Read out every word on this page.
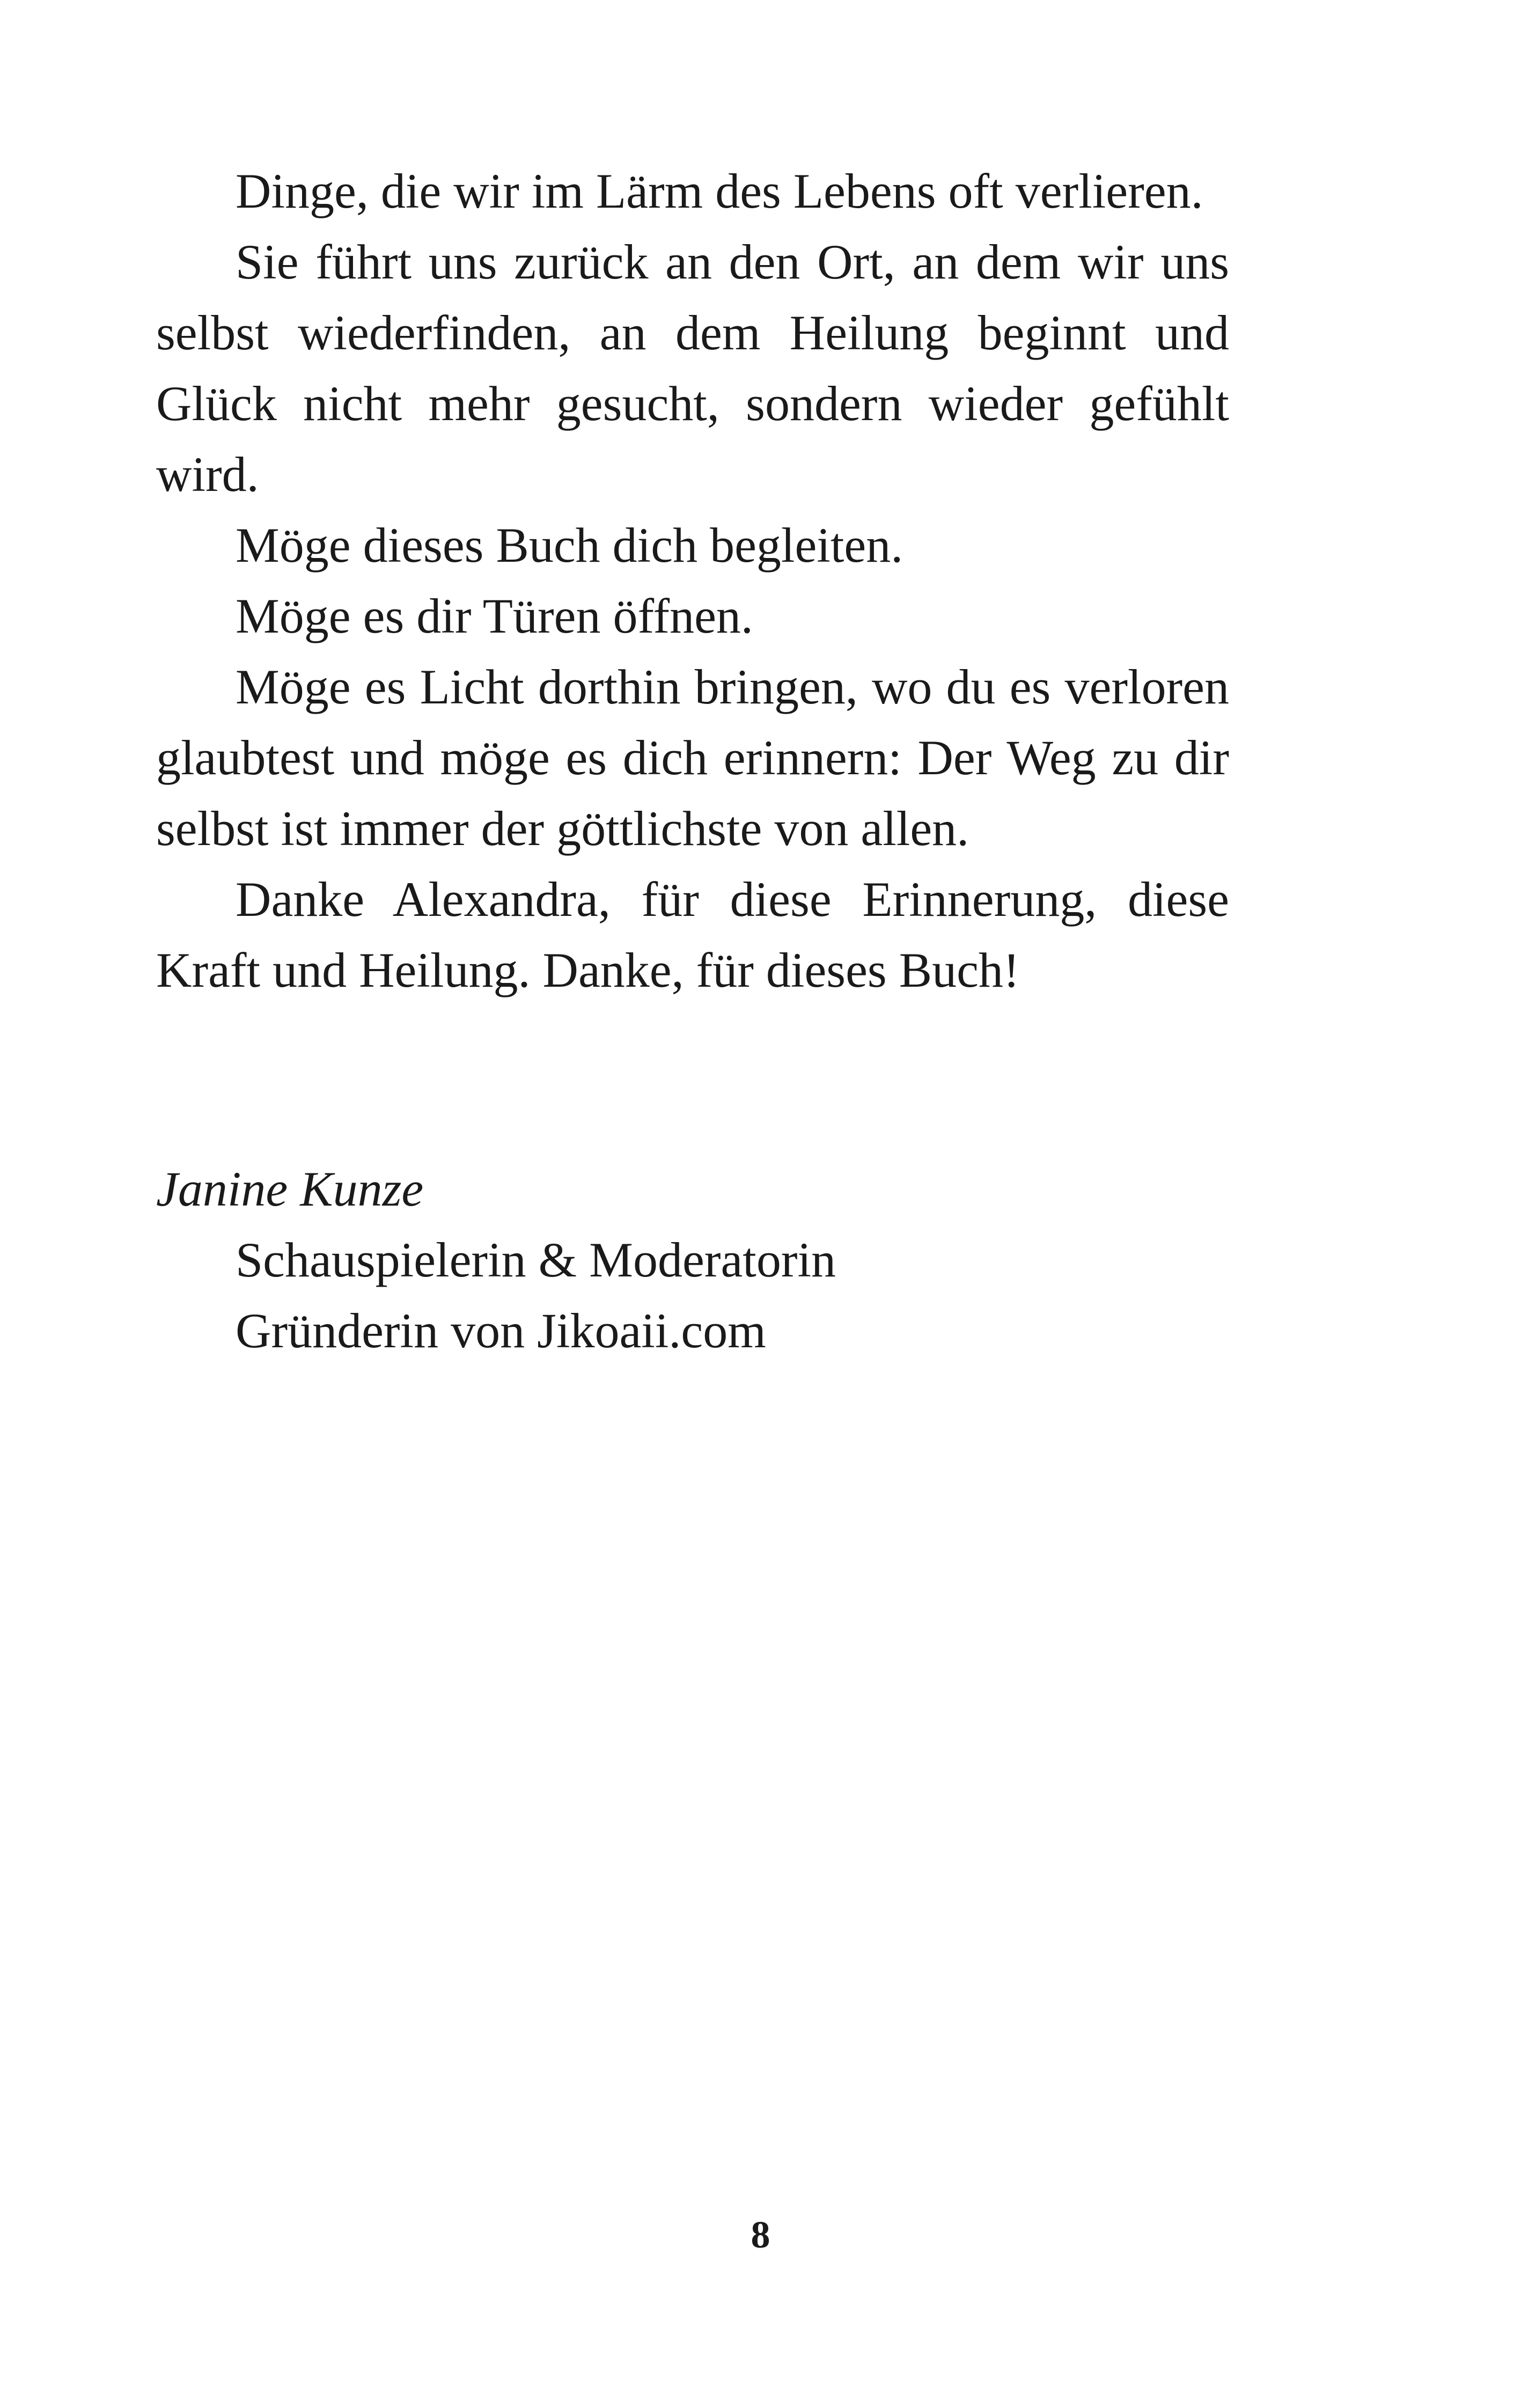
Dinge, die wir im Lärm des Lebens oft verlieren.

Sie führt uns zurück an den Ort, an dem wir uns selbst wiederfinden, an dem Heilung beginnt und Glück nicht mehr gesucht, sondern wieder gefühlt wird.

Möge dieses Buch dich begleiten.

Möge es dir Türen öffnen.

Möge es Licht dorthin bringen, wo du es verloren glaubtest und möge es dich erinnern: Der Weg zu dir selbst ist immer der göttlichste von allen.

Danke Alexandra, für diese Erinnerung, diese Kraft und Heilung. Danke, für dieses Buch!

Janine Kunze

Schauspielerin & Moderatorin

Gründerin von Jikoaii.com

8
